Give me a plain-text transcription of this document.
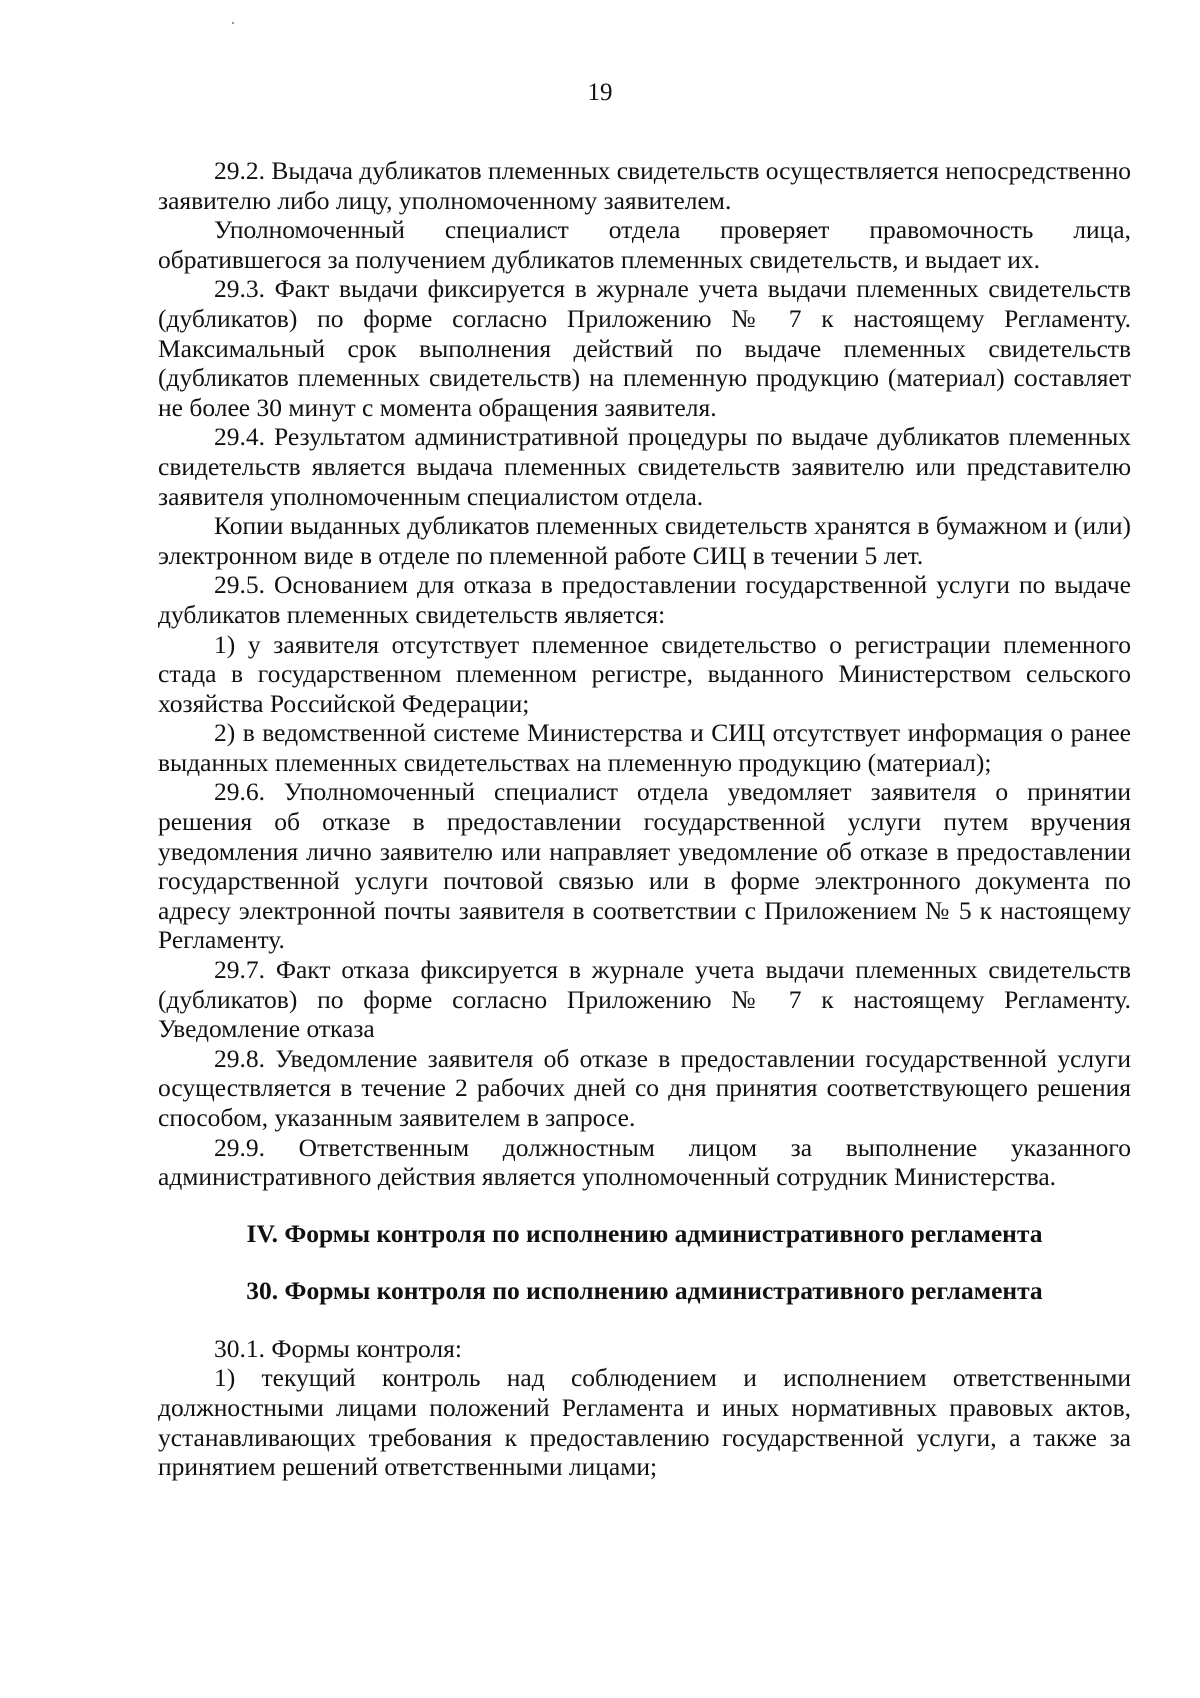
19

29.2. Выдача дубликатов племенных свидетельств осуществляется непосредственно заявителю либо лицу, уполномоченному заявителем.

Уполномоченный специалист отдела проверяет правомочность лица, обратившегося за получением дубликатов племенных свидетельств, и выдает их.

29.3. Факт выдачи фиксируется в журнале учета выдачи племенных свидетельств (дубликатов) по форме согласно Приложению № 7 к настоящему Регламенту. Максимальный срок выполнения действий по выдаче племенных свидетельств (дубликатов племенных свидетельств) на племенную продукцию (материал) составляет не более 30 минут с момента обращения заявителя.

29.4. Результатом административной процедуры по выдаче дубликатов племенных свидетельств является выдача племенных свидетельств заявителю или представителю заявителя уполномоченным специалистом отдела.

Копии выданных дубликатов племенных свидетельств хранятся в бумажном и (или) электронном виде в отделе по племенной работе СИЦ в течении 5 лет.

29.5. Основанием для отказа в предоставлении государственной услуги по выдаче дубликатов племенных свидетельств является:

1) у заявителя отсутствует племенное свидетельство о регистрации племенного стада в государственном племенном регистре, выданного Министерством сельского хозяйства Российской Федерации;

2) в ведомственной системе Министерства и СИЦ отсутствует информация о ранее выданных племенных свидетельствах на племенную продукцию (материал);

29.6. Уполномоченный специалист отдела уведомляет заявителя о принятии решения об отказе в предоставлении государственной услуги путем вручения уведомления лично заявителю или направляет уведомление об отказе в предоставлении государственной услуги почтовой связью или в форме электронного документа по адресу электронной почты заявителя в соответствии с Приложением № 5 к настоящему Регламенту.

29.7. Факт отказа фиксируется в журнале учета выдачи племенных свидетельств (дубликатов) по форме согласно Приложению № 7 к настоящему Регламенту. Уведомление отказа

29.8. Уведомление заявителя об отказе в предоставлении государственной услуги осуществляется в течение 2 рабочих дней со дня принятия соответствующего решения способом, указанным заявителем в запросе.

29.9. Ответственным должностным лицом за выполнение указанного административного действия является уполномоченный сотрудник Министерства.

IV. Формы контроля по исполнению административного регламента
30. Формы контроля по исполнению административного регламента

30.1. Формы контроля:

1) текущий контроль над соблюдением и исполнением ответственными должностными лицами положений Регламента и иных нормативных правовых актов, устанавливающих требования к предоставлению государственной услуги, а также за принятием решений ответственными лицами;
